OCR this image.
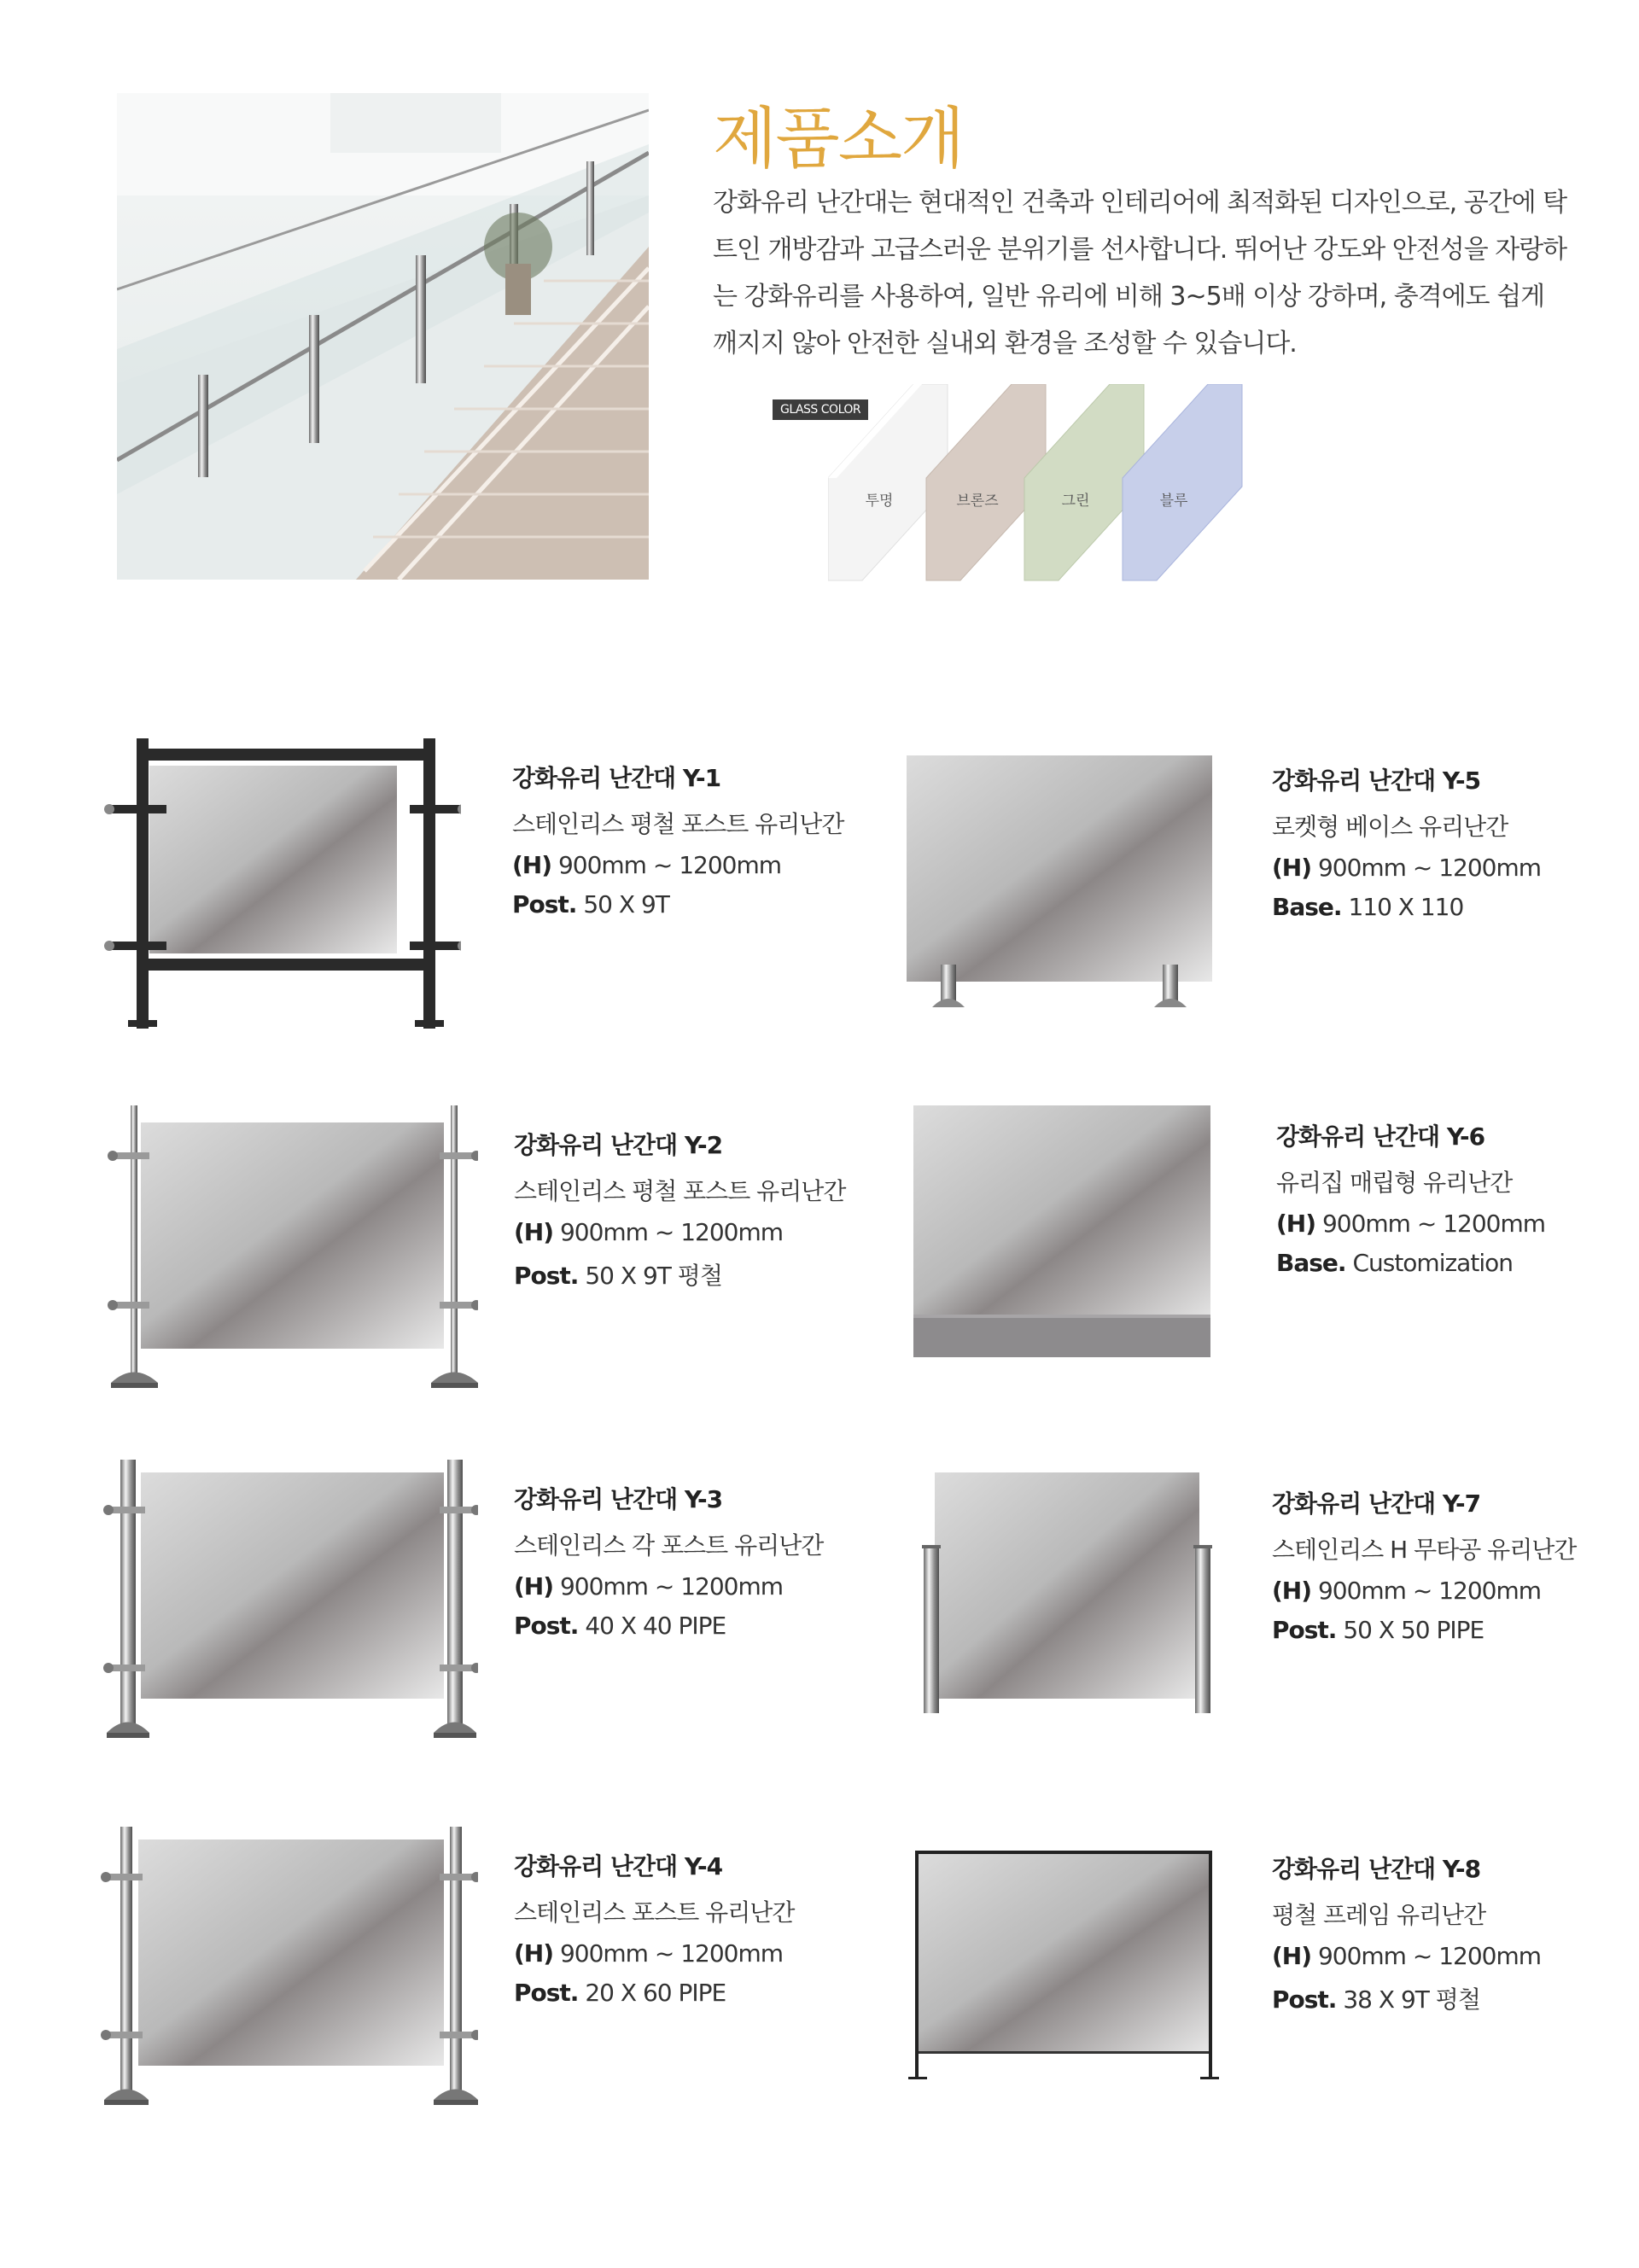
제품소개

강화유리 난간대는 현대적인 건축과 인테리어에 최적화된 디자인으로, 공간에 탁트인 개방감과 고급스러운 분위기를 선사합니다. 뛰어난 강도와 안전성을 자랑하는 강화유리를 사용하여, 일반 유리에 비해 3~5배 이상 강하며, 충격에도 쉽게 깨지지 않아 안전한 실내외 환경을 조성할 수 있습니다.

GLASS COLOR
투명	브론즈	그린	블루

강화유리 난간대 Y-1

스테인리스 평철 포스트 유리난간

(H) 900mm ~ 1200mm

Post. 50 X 9T

강화유리 난간대 Y-2

스테인리스 평철 포스트 유리난간

(H) 900mm ~ 1200mm

Post. 50 X 9T 평철

강화유리 난간대 Y-3

스테인리스 각 포스트 유리난간

(H) 900mm ~ 1200mm

Post. 40 X 40 PIPE

강화유리 난간대 Y-4

스테인리스 포스트 유리난간

(H) 900mm ~ 1200mm

Post. 20 X 60 PIPE

강화유리 난간대 Y-5

로켓형 베이스 유리난간

(H) 900mm ~ 1200mm

Base. 110 X 110

강화유리 난간대 Y-6

유리집 매립형 유리난간

(H) 900mm ~ 1200mm

Base. Customization

강화유리 난간대 Y-7

스테인리스 H 무타공 유리난간

(H) 900mm ~ 1200mm

Post. 50 X 50 PIPE

강화유리 난간대 Y-8

평철 프레임 유리난간

(H) 900mm ~ 1200mm

Post. 38 X 9T 평철
